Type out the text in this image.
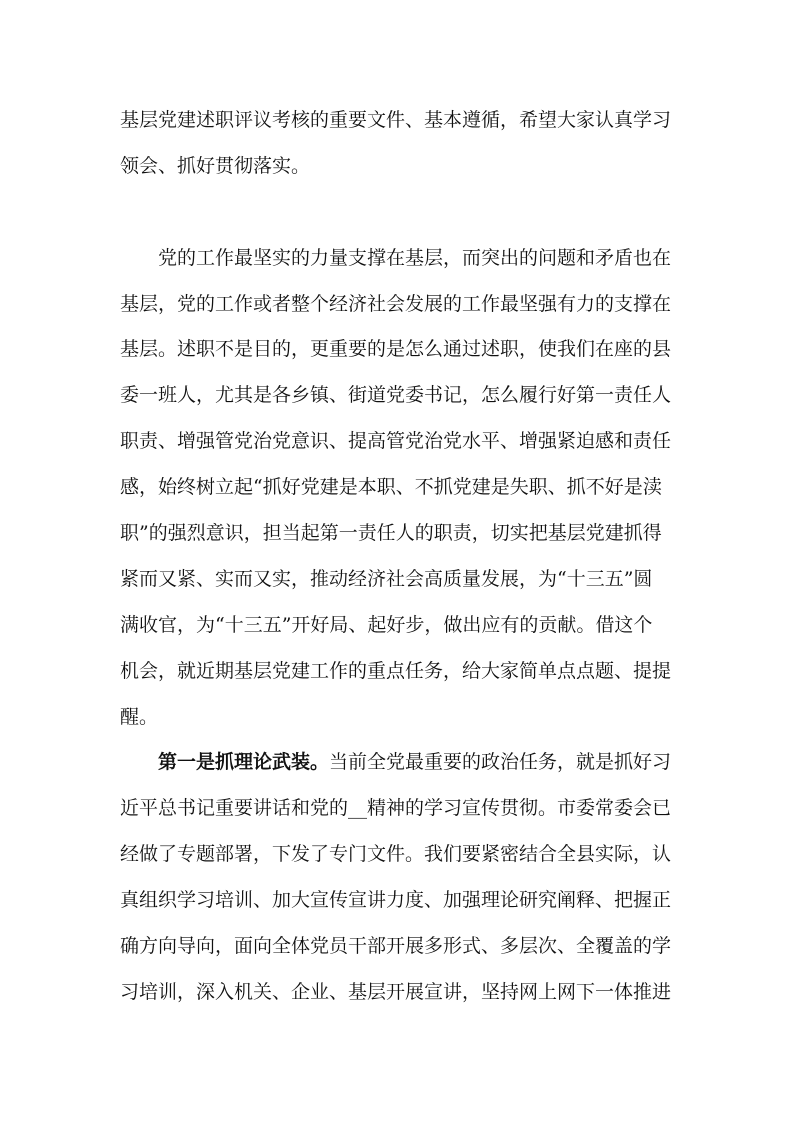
基层党建述职评议考核的重要文件、基本遵循，希望大家认真学习
领会、抓好贯彻落实。
党的工作最坚实的力量支撑在基层，而突出的问题和矛盾也在
基层，党的工作或者整个经济社会发展的工作最坚强有力的支撑在
基层。述职不是目的，更重要的是怎么通过述职，使我们在座的县
委一班人，尤其是各乡镇、街道党委书记，怎么履行好第一责任人
职责、增强管党治党意识、提高管党治党水平、增强紧迫感和责任
感，始终树立起“抓好党建是本职、不抓党建是失职、抓不好是渎
职”的强烈意识，担当起第一责任人的职责，切实把基层党建抓得
紧而又紧、实而又实，推动经济社会高质量发展，为“十三五”圆
满收官，为“十三五”开好局、起好步，做出应有的贡献。借这个
机会，就近期基层党建工作的重点任务，给大家简单点点题、提提
醒。
第一是抓理论武装。当前全党最重要的政治任务，就是抓好习
近平总书记重要讲话和党的__精神的学习宣传贯彻。市委常委会已
经做了专题部署，下发了专门文件。我们要紧密结合全县实际，认
真组织学习培训、加大宣传宣讲力度、加强理论研究阐释、把握正
确方向导向，面向全体党员干部开展多形式、多层次、全覆盖的学
习培训，深入机关、企业、基层开展宣讲，坚持网上网下一体推进
